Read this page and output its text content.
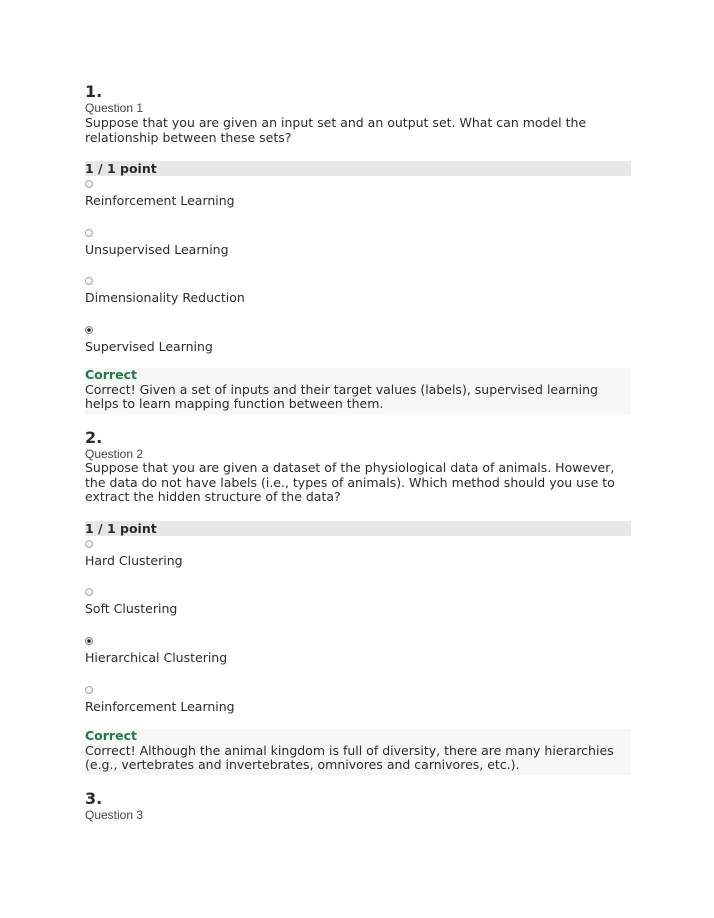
1.
Question 1
Suppose that you are given an input set and an output set. What can model the relationship between these sets?
1 / 1 point
Reinforcement Learning
Unsupervised Learning
Dimensionality Reduction
Supervised Learning
Correct
Correct! Given a set of inputs and their target values (labels), supervised learning helps to learn mapping function between them.
2.
Question 2
Suppose that you are given a dataset of the physiological data of animals. However, the data do not have labels (i.e., types of animals). Which method should you use to extract the hidden structure of the data?
1 / 1 point
Hard Clustering
Soft Clustering
Hierarchical Clustering
Reinforcement Learning
Correct
Correct! Although the animal kingdom is full of diversity, there are many hierarchies (e.g., vertebrates and invertebrates, omnivores and carnivores, etc.).
3.
Question 3
